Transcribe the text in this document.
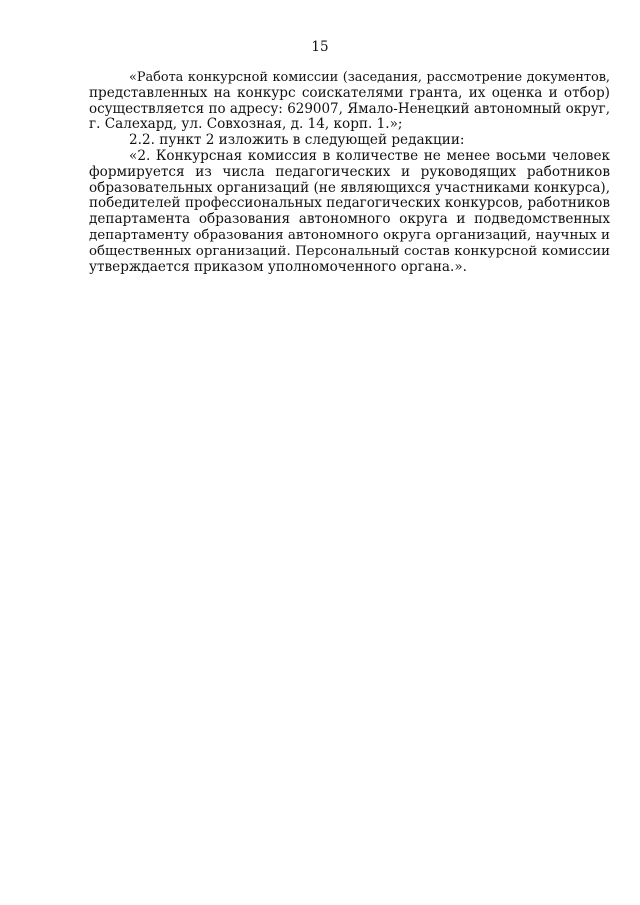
15
«Работа конкурсной комиссии (заседания, рассмотрение документов,
представленных на конкурс соискателями гранта, их оценка и отбор)
осуществляется по адресу: 629007, Ямало-Ненецкий автономный округ,
г. Салехард, ул. Совхозная, д. 14, корп. 1.»;
2.2. пункт 2 изложить в следующей редакции:
«2. Конкурсная комиссия в количестве не менее восьми человек
формируется из числа педагогических и руководящих работников
образовательных организаций (не являющихся участниками конкурса),
победителей профессиональных педагогических конкурсов, работников
департамента образования автономного округа и подведомственных
департаменту образования автономного округа организаций, научных и
общественных организаций. Персональный состав конкурсной комиссии
утверждается приказом уполномоченного органа.».
